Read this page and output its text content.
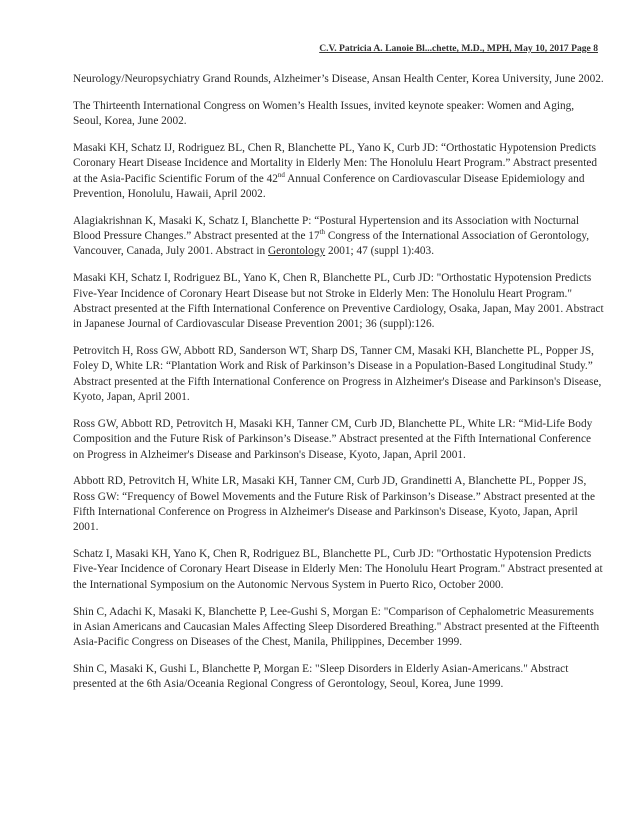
C.V. Patricia A. Lanoie Bl...chette, M.D., MPH, May 10, 2017 Page 8

Neurology/Neuropsychiatry Grand Rounds, Alzheimer’s Disease, Ansan Health Center, Korea University, June 2002.

The Thirteenth International Congress on Women’s Health Issues, invited keynote speaker: Women and Aging, Seoul, Korea, June 2002.

Masaki KH, Schatz IJ, Rodriguez BL, Chen R, Blanchette PL, Yano K, Curb JD: “Orthostatic Hypotension Predicts Coronary Heart Disease Incidence and Mortality in Elderly Men: The Honolulu Heart Program.” Abstract presented at the Asia-Pacific Scientific Forum of the 42nd Annual Conference on Cardiovascular Disease Epidemiology and Prevention, Honolulu, Hawaii, April 2002.

Alagiakrishnan K, Masaki K, Schatz I, Blanchette P: “Postural Hypertension and its Association with Nocturnal Blood Pressure Changes.” Abstract presented at the 17th Congress of the International Association of Gerontology, Vancouver, Canada, July 2001. Abstract in Gerontology 2001; 47 (suppl 1):403.

Masaki KH, Schatz I, Rodriguez BL, Yano K, Chen R, Blanchette PL, Curb JD: "Orthostatic Hypotension Predicts Five-Year Incidence of Coronary Heart Disease but not Stroke in Elderly Men: The Honolulu Heart Program." Abstract presented at the Fifth International Conference on Preventive Cardiology, Osaka, Japan, May 2001. Abstract in Japanese Journal of Cardiovascular Disease Prevention 2001; 36 (suppl):126.

Petrovitch H, Ross GW, Abbott RD, Sanderson WT, Sharp DS, Tanner CM, Masaki KH, Blanchette PL, Popper JS, Foley D, White LR: “Plantation Work and Risk of Parkinson’s Disease in a Population-Based Longitudinal Study.” Abstract presented at the Fifth International Conference on Progress in Alzheimer's Disease and Parkinson's Disease, Kyoto, Japan, April 2001.

Ross GW, Abbott RD, Petrovitch H, Masaki KH, Tanner CM, Curb JD, Blanchette PL, White LR: “Mid-Life Body Composition and the Future Risk of Parkinson’s Disease.” Abstract presented at the Fifth International Conference on Progress in Alzheimer's Disease and Parkinson's Disease, Kyoto, Japan, April 2001.

Abbott RD, Petrovitch H, White LR, Masaki KH, Tanner CM, Curb JD, Grandinetti A, Blanchette PL, Popper JS, Ross GW: “Frequency of Bowel Movements and the Future Risk of Parkinson’s Disease.” Abstract presented at the Fifth International Conference on Progress in Alzheimer's Disease and Parkinson's Disease, Kyoto, Japan, April 2001.

Schatz I, Masaki KH, Yano K, Chen R, Rodriguez BL, Blanchette PL, Curb JD: "Orthostatic Hypotension Predicts Five-Year Incidence of Coronary Heart Disease in Elderly Men: The Honolulu Heart Program." Abstract presented at the International Symposium on the Autonomic Nervous System in Puerto Rico, October 2000.

Shin C, Adachi K, Masaki K, Blanchette P, Lee-Gushi S, Morgan E: "Comparison of Cephalometric Measurements in Asian Americans and Caucasian Males Affecting Sleep Disordered Breathing." Abstract presented at the Fifteenth Asia-Pacific Congress on Diseases of the Chest, Manila, Philippines, December 1999.

Shin C, Masaki K, Gushi L, Blanchette P, Morgan E: "Sleep Disorders in Elderly Asian-Americans." Abstract presented at the 6th Asia/Oceania Regional Congress of Gerontology, Seoul, Korea, June 1999.
